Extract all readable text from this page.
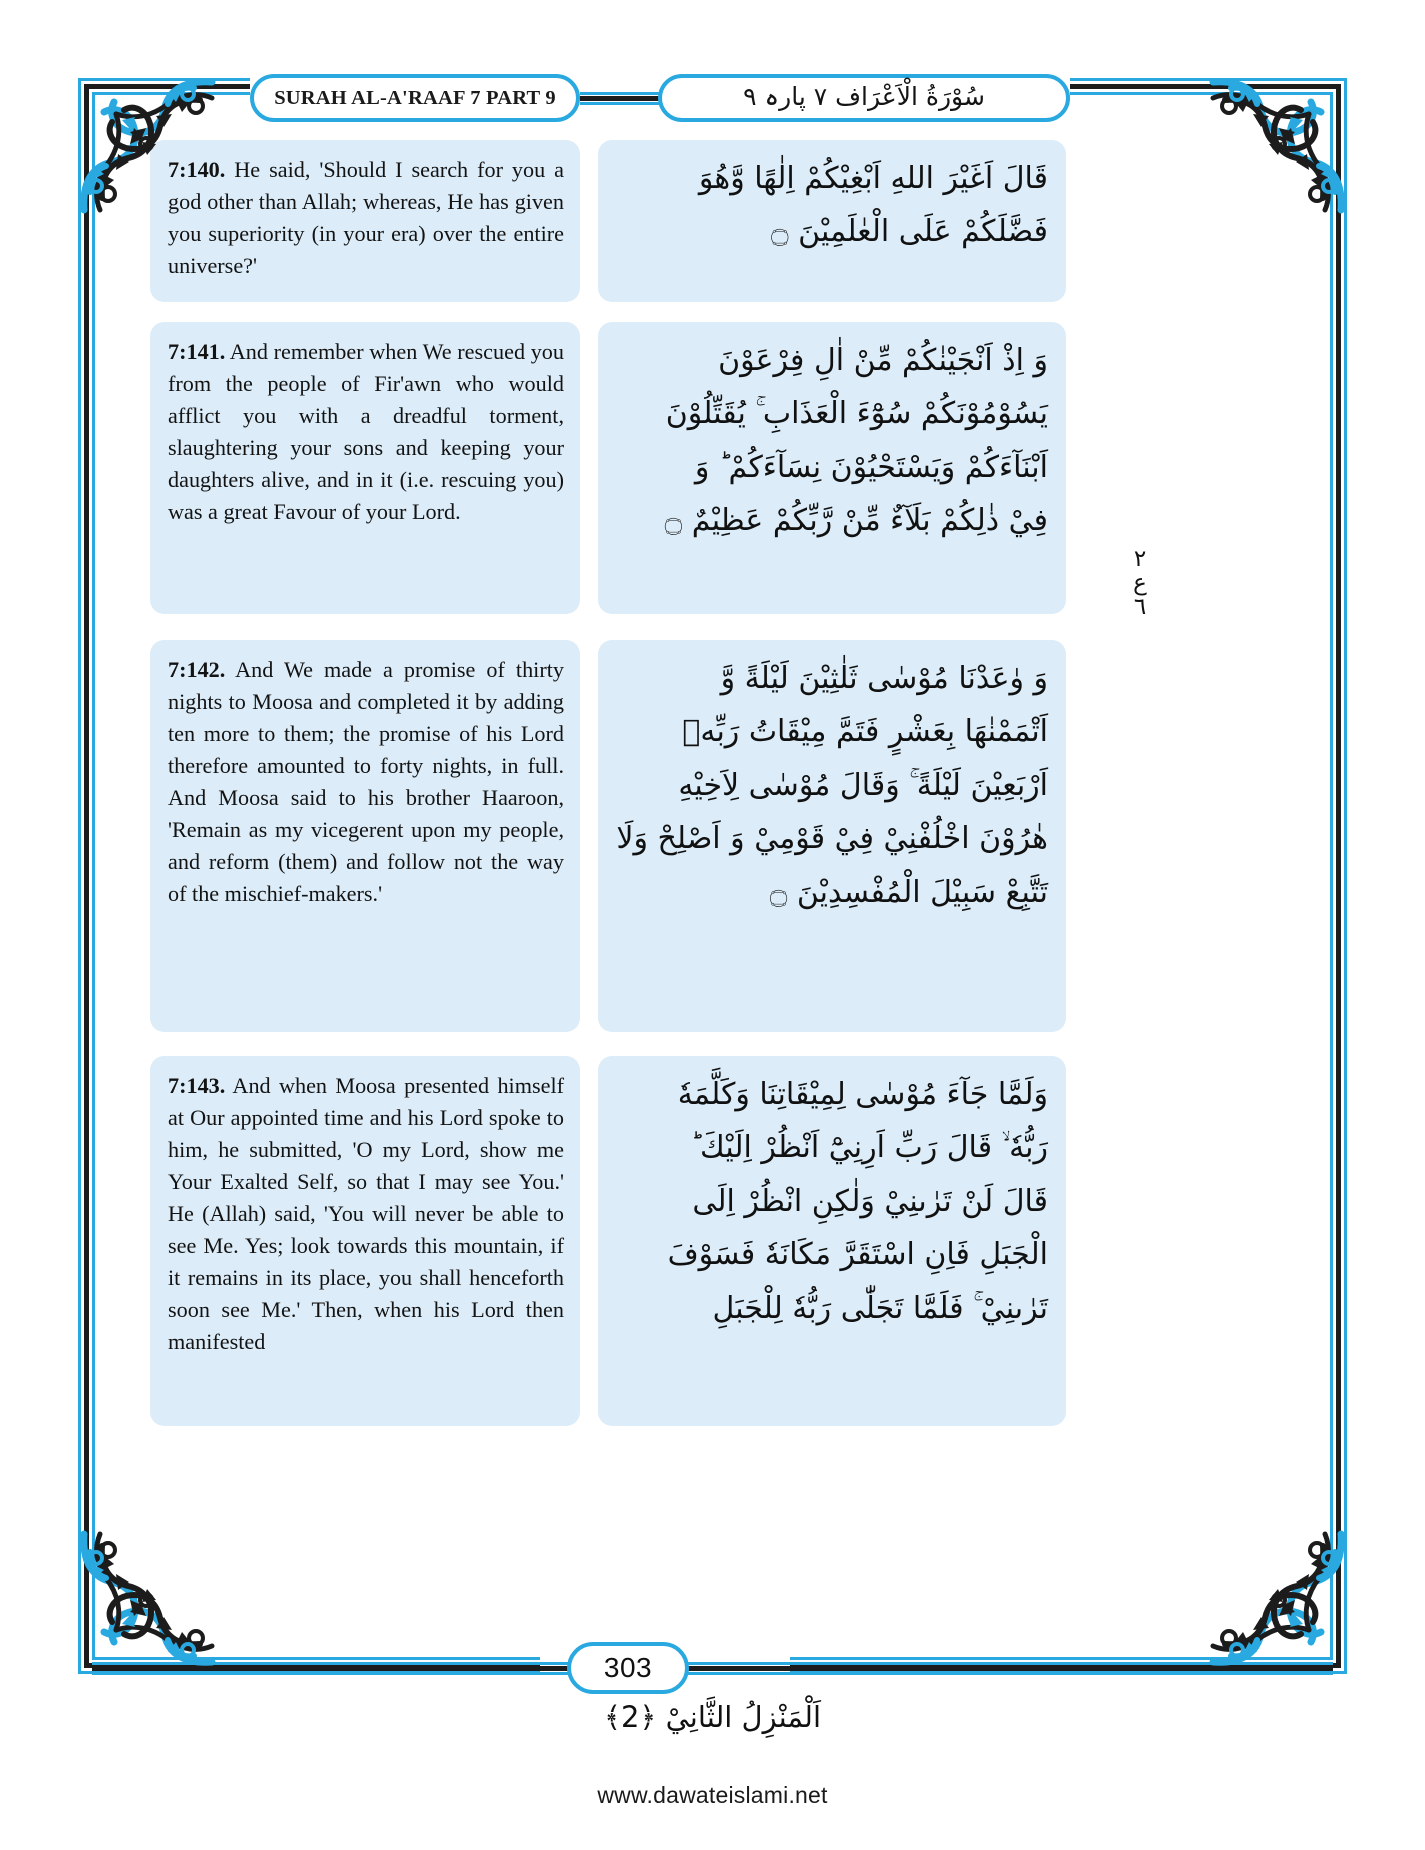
SURAH AL-A'RAAF 7 PART 9	سُوْرَةُ الْاَعْرَاف ٧ پارہ ٩
7:140. He said, 'Should I search for you a god other than Allah; whereas, He has given you superiority (in your era) over the entire universe?'
قَالَ اَغَيْرَ اللهِ اَبْغِيْكُمْ اِلٰهًا وَّهُوَ
فَضَّلَكُمْ عَلَى الْعٰلَمِيْنَ ۝
7:141. And remember when We rescued you from the people of Fir'awn who would afflict you with a dreadful torment, slaughtering your sons and keeping your daughters alive, and in it (i.e. rescuing you) was a great Favour of your Lord.
وَ اِذْ اَنْجَيْنٰكُمْ مِّنْ اٰلِ فِرْعَوْنَ
يَسُوْمُوْنَكُمْ سُوْٓءَ الْعَذَابِ ۚ يُقَتِّلُوْنَ
اَبْنَآءَكُمْ وَيَسْتَحْيُوْنَ نِسَآءَكُمْ ؕ وَ
فِيْ ذٰلِكُمْ بَلَآءٌ مِّنْ رَّبِّكُمْ عَظِيْمٌ ۝
7:142. And We made a promise of thirty nights to Moosa and completed it by adding ten more to them; the promise of his Lord therefore amounted to forty nights, in full. And Moosa said to his brother Haaroon, 'Remain as my vicegerent upon my people, and reform (them) and follow not the way of the mischief-makers.'
وَ وٰعَدْنَا مُوْسٰى ثَلٰثِيْنَ لَيْلَةً وَّ
اَتْمَمْنٰهَا بِعَشْرٍ فَتَمَّ مِيْقَاتُ رَبِّهٖ
اَرْبَعِيْنَ لَيْلَةً ۚ وَقَالَ مُوْسٰى لِاَخِيْهِ
هٰرُوْنَ اخْلُفْنِيْ فِيْ قَوْمِيْ وَ اَصْلِحْ وَلَا
تَتَّبِعْ سَبِيْلَ الْمُفْسِدِيْنَ ۝
7:143. And when Moosa presented himself at Our appointed time and his Lord spoke to him, he submitted, 'O my Lord, show me Your Exalted Self, so that I may see You.' He (Allah) said, 'You will never be able to see Me. Yes; look towards this mountain, if it remains in its place, you shall henceforth soon see Me.' Then, when his Lord then manifested
وَلَمَّا جَآءَ مُوْسٰى لِمِيْقَاتِنَا وَكَلَّمَهٗ
رَبُّهٗ ۙ قَالَ رَبِّ اَرِنِيْٓ اَنْظُرْ اِلَيْكَ ؕ
قَالَ لَنْ تَرٰىنِيْ وَلٰكِنِ انْظُرْ اِلَى
الْجَبَلِ فَاِنِ اسْتَقَرَّ مَكَانَهٗ فَسَوْفَ
تَرٰىنِيْ ۚ فَلَمَّا تَجَلّٰى رَبُّهٗ لِلْجَبَلِ
٢
ع
٦
303
اَلْمَنْزِلُ الثَّانِيْ ﴿2﴾
www.dawateislami.net
